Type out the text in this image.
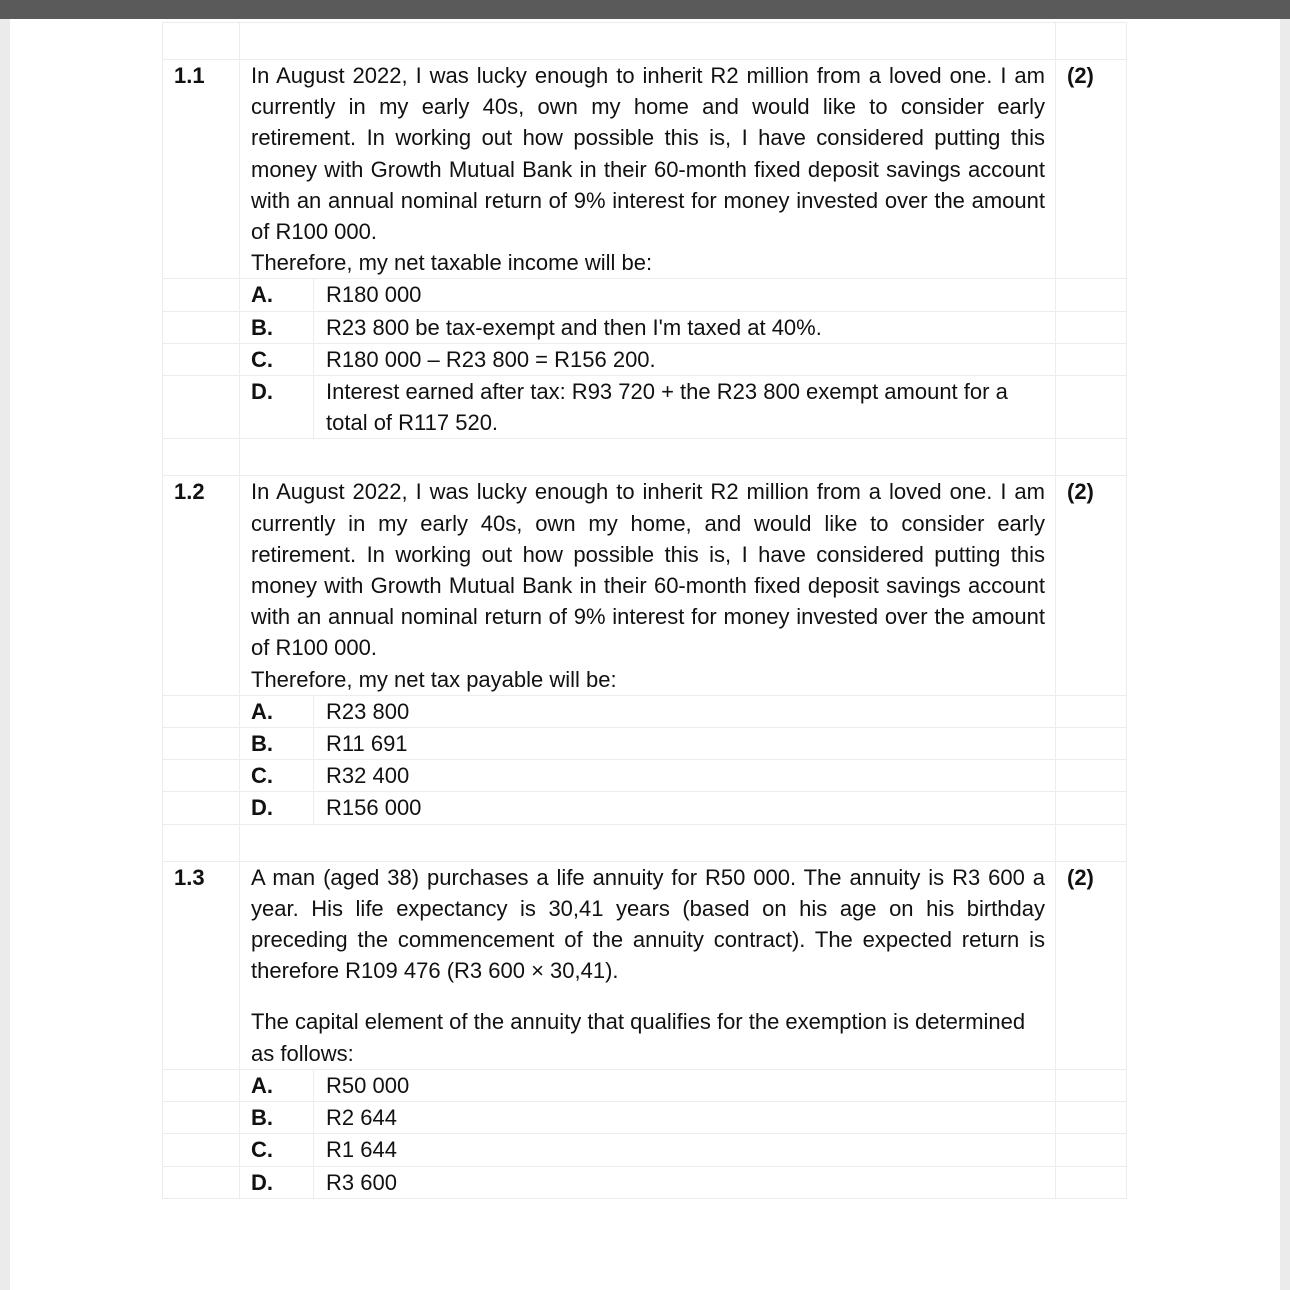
1.1	In August 2022, I was lucky enough to inherit R2 million from a loved one. I am currently in my early 40s, own my home and would like to consider early retirement. In working out how possible this is, I have considered putting this money with Growth Mutual Bank in their 60-month fixed deposit savings account with an annual nominal return of 9% interest for money invested over the amount of R100 000.
Therefore, my net taxable income will be:		(2)
	A.	R180 000	
	B.	R23 800 be tax-exempt and then I'm taxed at 40%.	
	C.	R180 000 – R23 800 = R156 200.	
	D.	Interest earned after tax: R93 720 + the R23 800 exempt amount for a total of R117 520.	

1.2	In August 2022, I was lucky enough to inherit R2 million from a loved one. I am currently in my early 40s, own my home, and would like to consider early retirement. In working out how possible this is, I have considered putting this money with Growth Mutual Bank in their 60-month fixed deposit savings account with an annual nominal return of 9% interest for money invested over the amount of R100 000.
Therefore, my net tax payable will be:		(2)
	A.	R23 800	
	B.	R11 691	
	C.	R32 400	
	D.	R156 000	

1.3	A man (aged 38) purchases a life annuity for R50 000. The annuity is R3 600 a year. His life expectancy is 30,41 years (based on his age on his birthday preceding the commencement of the annuity contract). The expected return is therefore R109 476 (R3 600 × 30,41).
The capital element of the annuity that qualifies for the exemption is determined as follows:		(2)
	A.	R50 000	
	B.	R2 644	
	C.	R1 644	
	D.	R3 600	
